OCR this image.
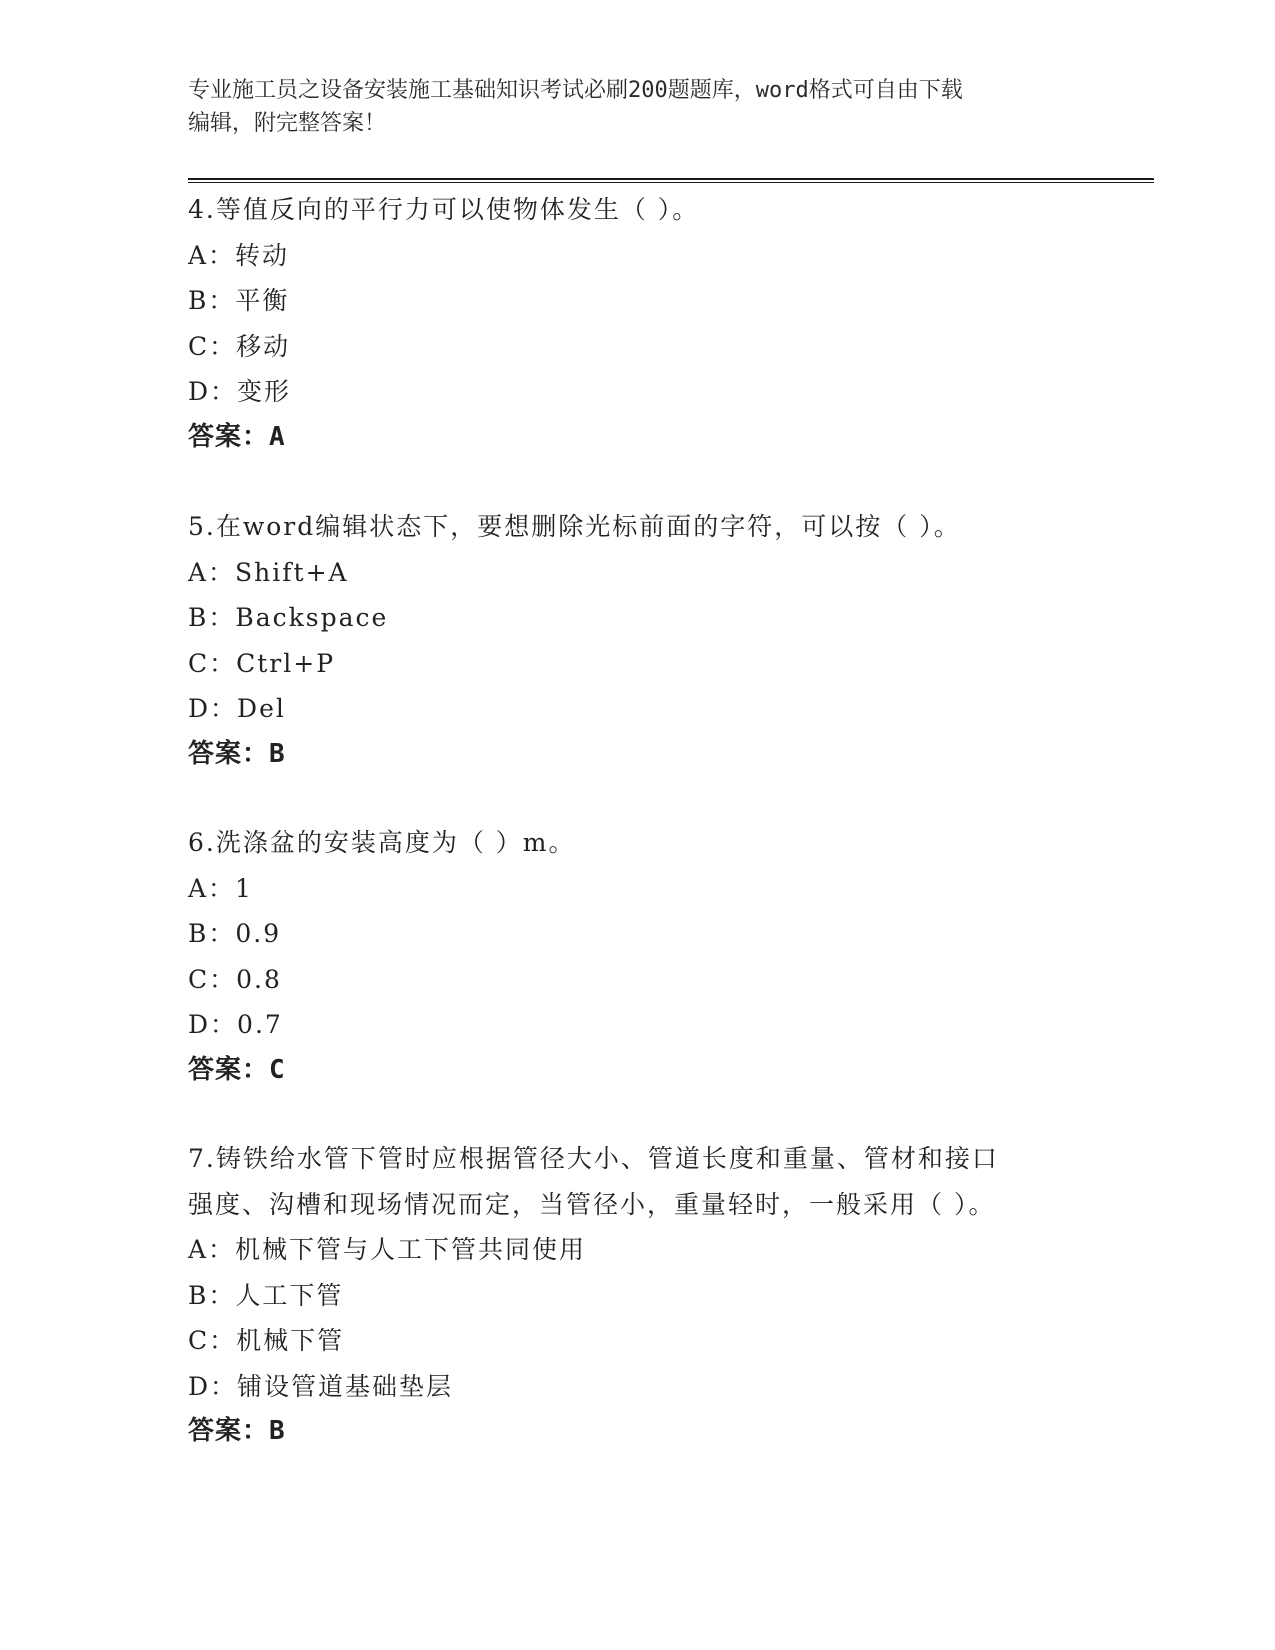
专业施工员之设备安装施工基础知识考试必刷200题题库，word格式可自由下载
编辑，附完整答案！
4.等值反向的平行力可以使物体发生（ ）。
A：转动
B：平衡
C：移动
D：变形
答案：A
5.在word编辑状态下，要想删除光标前面的字符，可以按（ ）。
A：Shift+A
B：Backspace
C：Ctrl+P
D：Del
答案：B
6.洗涤盆的安装高度为（ ）m。
A：1
B：0.9
C：0.8
D：0.7
答案：C
7.铸铁给水管下管时应根据管径大小、管道长度和重量、管材和接口
强度、沟槽和现场情况而定，当管径小，重量轻时，一般采用（ ）。
A：机械下管与人工下管共同使用
B：人工下管
C：机械下管
D：铺设管道基础垫层
答案：B
